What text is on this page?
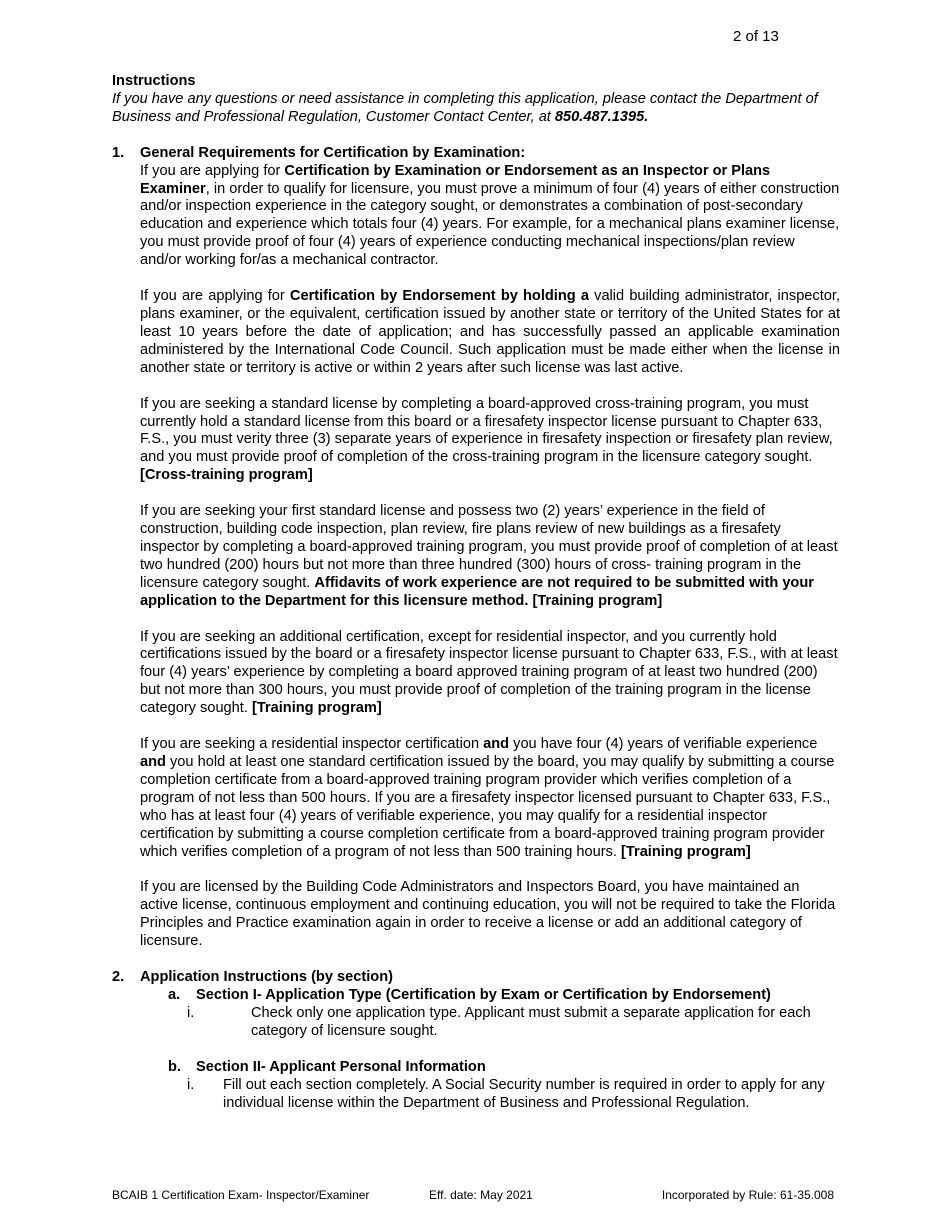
2 of 13
Instructions
If you have any questions or need assistance in completing this application, please contact the Department of Business and Professional Regulation, Customer Contact Center, at 850.487.1395.
1. General Requirements for Certification by Examination:
If you are applying for Certification by Examination or Endorsement as an Inspector or Plans Examiner, in order to qualify for licensure, you must prove a minimum of four (4) years of either construction and/or inspection experience in the category sought, or demonstrates a combination of post-secondary education and experience which totals four (4) years. For example, for a mechanical plans examiner license, you must provide proof of four (4) years of experience conducting mechanical inspections/plan review and/or working for/as a mechanical contractor.
If you are applying for Certification by Endorsement by holding a valid building administrator, inspector, plans examiner, or the equivalent, certification issued by another state or territory of the United States for at least 10 years before the date of application; and has successfully passed an applicable examination administered by the International Code Council. Such application must be made either when the license in another state or territory is active or within 2 years after such license was last active.
If you are seeking a standard license by completing a board-approved cross-training program, you must currently hold a standard license from this board or a firesafety inspector license pursuant to Chapter 633, F.S., you must verity three (3) separate years of experience in firesafety inspection or firesafety plan review, and you must provide proof of completion of the cross-training program in the licensure category sought. [Cross-training program]
If you are seeking your first standard license and possess two (2) years’ experience in the field of construction, building code inspection, plan review, fire plans review of new buildings as a firesafety inspector by completing a board-approved training program, you must provide proof of completion of at least two hundred (200) hours but not more than three hundred (300) hours of cross- training program in the licensure category sought. Affidavits of work experience are not required to be submitted with your application to the Department for this licensure method. [Training program]
If you are seeking an additional certification, except for residential inspector, and you currently hold certifications issued by the board or a firesafety inspector license pursuant to Chapter 633, F.S., with at least four (4) years’ experience by completing a board approved training program of at least two hundred (200) but not more than 300 hours, you must provide proof of completion of the training program in the license category sought. [Training program]
If you are seeking a residential inspector certification and you have four (4) years of verifiable experience and you hold at least one standard certification issued by the board, you may qualify by submitting a course completion certificate from a board-approved training program provider which verifies completion of a program of not less than 500 hours. If you are a firesafety inspector licensed pursuant to Chapter 633, F.S., who has at least four (4) years of verifiable experience, you may qualify for a residential inspector certification by submitting a course completion certificate from a board-approved training program provider which verifies completion of a program of not less than 500 training hours. [Training program]
If you are licensed by the Building Code Administrators and Inspectors Board, you have maintained an active license, continuous employment and continuing education, you will not be required to take the Florida Principles and Practice examination again in order to receive a license or add an additional category of licensure.
2. Application Instructions (by section)
a. Section I- Application Type (Certification by Exam or Certification by Endorsement)
i.	Check only one application type. Applicant must submit a separate application for each category of licensure sought.
b. Section II- Applicant Personal Information
i. Fill out each section completely. A Social Security number is required in order to apply for any individual license within the Department of Business and Professional Regulation.
BCAIB 1 Certification Exam- Inspector/Examiner	Eff. date: May 2021	Incorporated by Rule: 61-35.008
